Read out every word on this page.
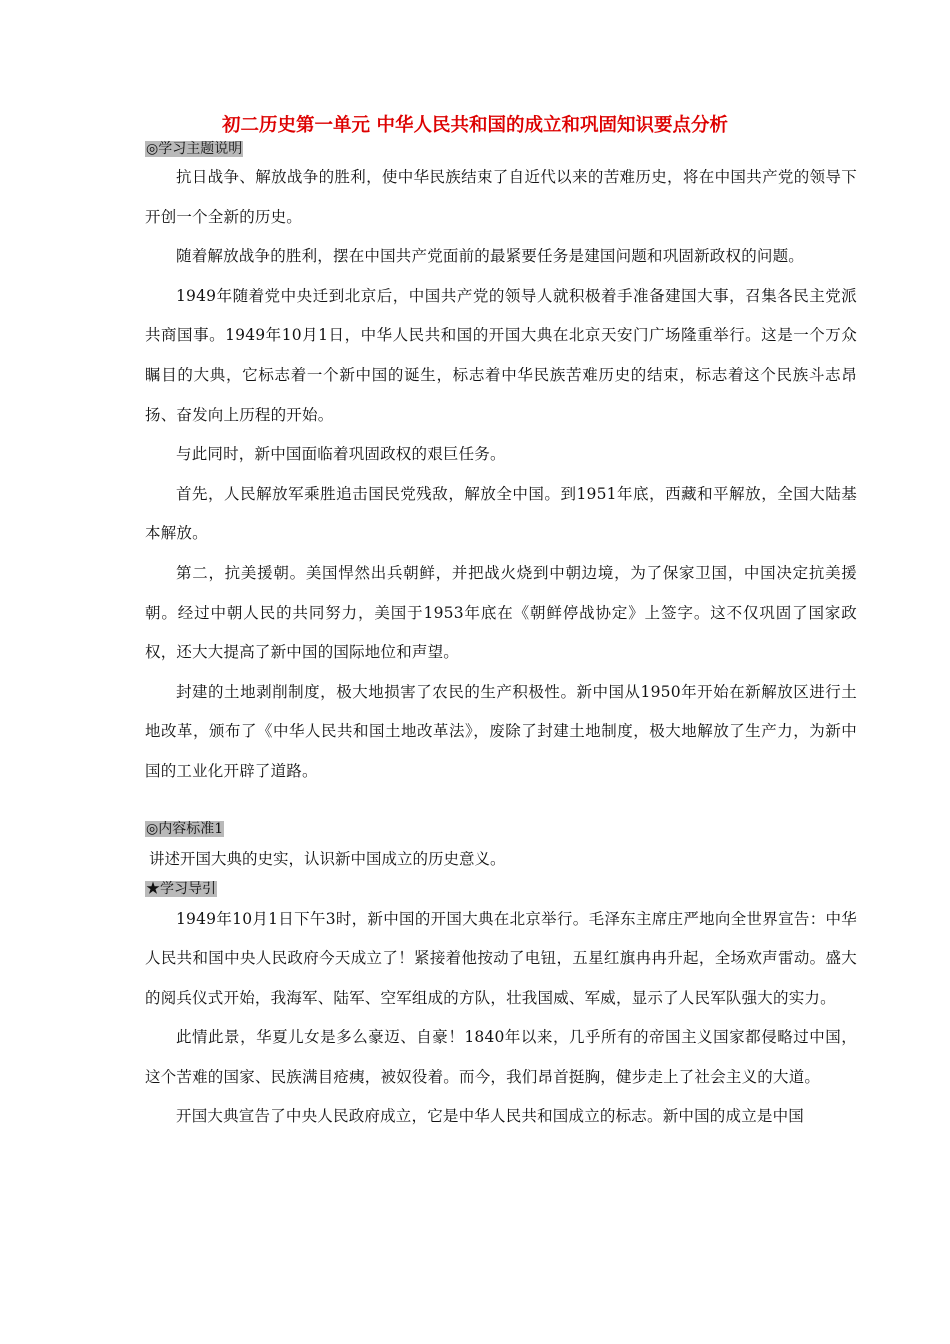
初二历史第一单元 中华人民共和国的成立和巩固知识要点分析
◎学习主题说明

抗日战争、解放战争的胜利，使中华民族结束了自近代以来的苦难历史，将在中国共产党的领导下开创一个全新的历史。

随着解放战争的胜利，摆在中国共产党面前的最紧要任务是建国问题和巩固新政权的问题。

1949年随着党中央迁到北京后，中国共产党的领导人就积极着手准备建国大事，召集各民主党派共商国事。1949年10月1日，中华人民共和国的开国大典在北京天安门广场隆重举行。这是一个万众瞩目的大典，它标志着一个新中国的诞生，标志着中华民族苦难历史的结束，标志着这个民族斗志昂扬、奋发向上历程的开始。

与此同时，新中国面临着巩固政权的艰巨任务。

首先，人民解放军乘胜追击国民党残敌，解放全中国。到1951年底，西藏和平解放，全国大陆基本解放。

第二，抗美援朝。美国悍然出兵朝鲜，并把战火烧到中朝边境，为了保家卫国，中国决定抗美援朝。经过中朝人民的共同努力，美国于1953年底在《朝鲜停战协定》上签字。这不仅巩固了国家政权，还大大提高了新中国的国际地位和声望。

封建的土地剥削制度，极大地损害了农民的生产积极性。新中国从1950年开始在新解放区进行土地改革，颁布了《中华人民共和国土地改革法》，废除了封建土地制度，极大地解放了生产力，为新中国的工业化开辟了道路。

◎内容标准1

讲述开国大典的史实，认识新中国成立的历史意义。

★学习导引

1949年10月1日下午3时，新中国的开国大典在北京举行。毛泽东主席庄严地向全世界宣告：中华人民共和国中央人民政府今天成立了！紧接着他按动了电钮，五星红旗冉冉升起，全场欢声雷动。盛大的阅兵仪式开始，我海军、陆军、空军组成的方队，壮我国威、军威，显示了人民军队强大的实力。

此情此景，华夏儿女是多么豪迈、自豪！1840年以来，几乎所有的帝国主义国家都侵略过中国，这个苦难的国家、民族满目疮痍，被奴役着。而今，我们昂首挺胸，健步走上了社会主义的大道。

开国大典宣告了中央人民政府成立，它是中华人民共和国成立的标志。新中国的成立是中国
